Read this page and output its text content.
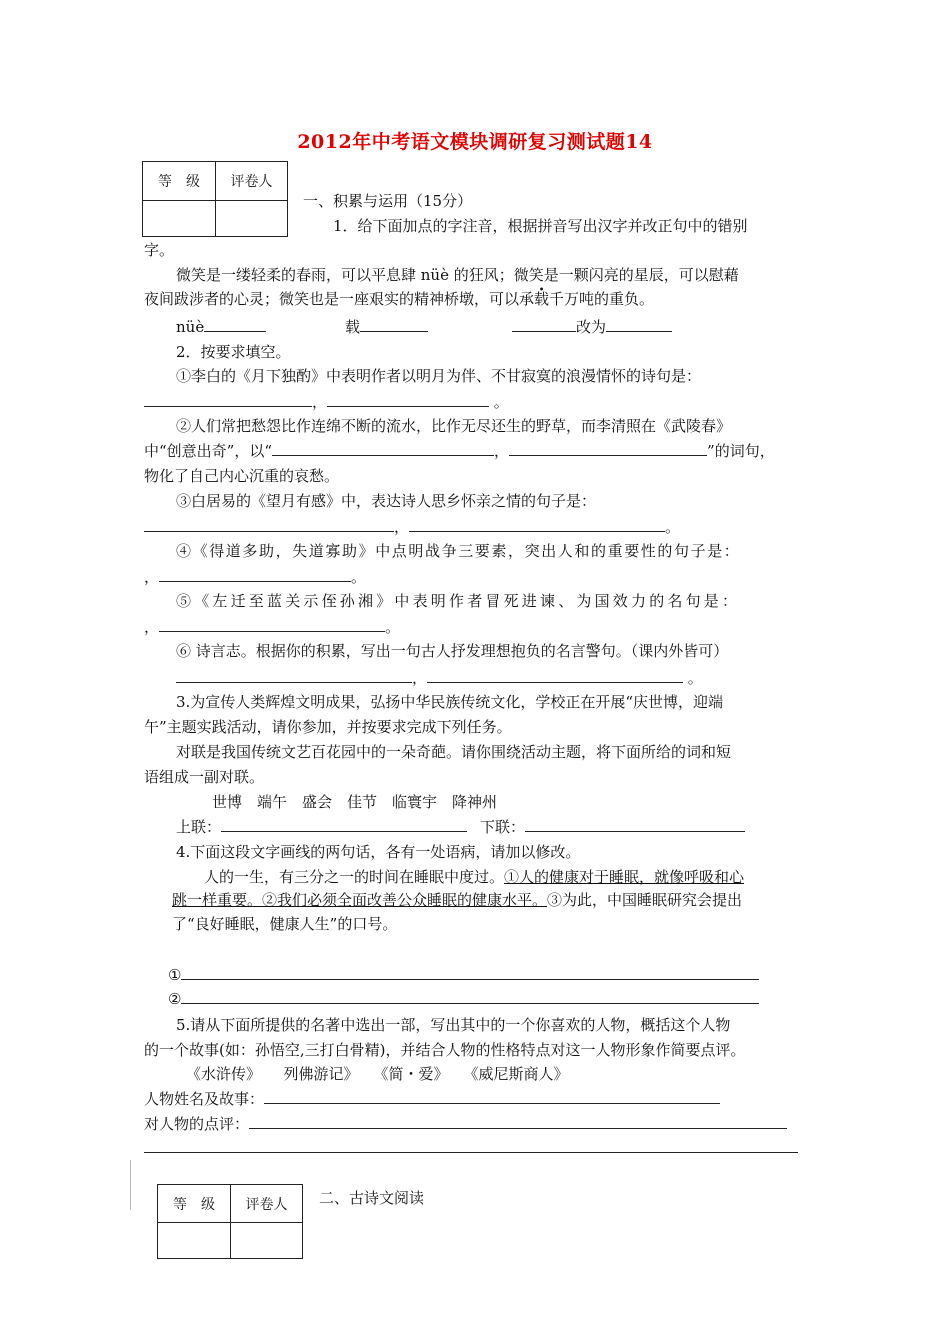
2012年中考语文模块调研复习测试题14
等　级	评卷人

一、积累与运用（15分）
1．给下面加点的字注音，根据拼音写出汉字并改正句中的错别
字。
微笑是一缕轻柔的春雨，可以平息肆 nüè 的狂风；微笑是一颗闪亮的星辰，可以慰藉
夜间跋涉者的心灵；微笑也是一座艰实的精神桥墩，可以承载千万吨的重负。
nüè	载	改为
2．按要求填空。
①李白的《月下独酌》中表明作者以明月为伴、不甘寂寞的浪漫情怀的诗句是：
，	。
②人们常把愁怨比作连绵不断的流水，比作无尽还生的野草，而李清照在《武陵春》
中“创意出奇”，以“	，	”的词句，
物化了自己内心沉重的哀愁。
③白居易的《望月有感》中，表达诗人思乡怀亲之情的句子是：
，	。
④《得道多助，失道寡助》中点明战争三要素，突出人和的重要性的句子是：
，	。
⑤《左迁至蓝关示侄孙湘》中表明作者冒死进谏、为国效力的名句是：
，	。
⑥ 诗言志。根据你的积累，写出一句古人抒发理想抱负的名言警句。（课内外皆可）
，	。
3.为宣传人类辉煌文明成果，弘扬中华民族传统文化，学校正在开展“庆世博，迎端
午”主题实践活动，请你参加，并按要求完成下列任务。
对联是我国传统文艺百花园中的一朵奇葩。请你围绕活动主题，将下面所给的词和短
语组成一副对联。
世博　端午　盛会　佳节　临寰宇　降神州
上联：	下联：
4.下面这段文字画线的两句话，各有一处语病，请加以修改。
人的一生，有三分之一的时间在睡眠中度过。①人的健康对于睡眠，就像呼吸和心
跳一样重要。②我们必须全面改善公众睡眠的健康水平。③为此，中国睡眠研究会提出
了“良好睡眠，健康人生”的口号。
①
②
5.请从下面所提供的名著中选出一部，写出其中的一个你喜欢的人物，概括这个人物
的一个故事(如：孙悟空,三打白骨精)，并结合人物的性格特点对这一人物形象作简要点评。
《水浒传》　　列佛游记》　　《简・爱》　　《威尼斯商人》
人物姓名及故事：
对人物的点评：
等　级	评卷人
	二、古诗文阅读
